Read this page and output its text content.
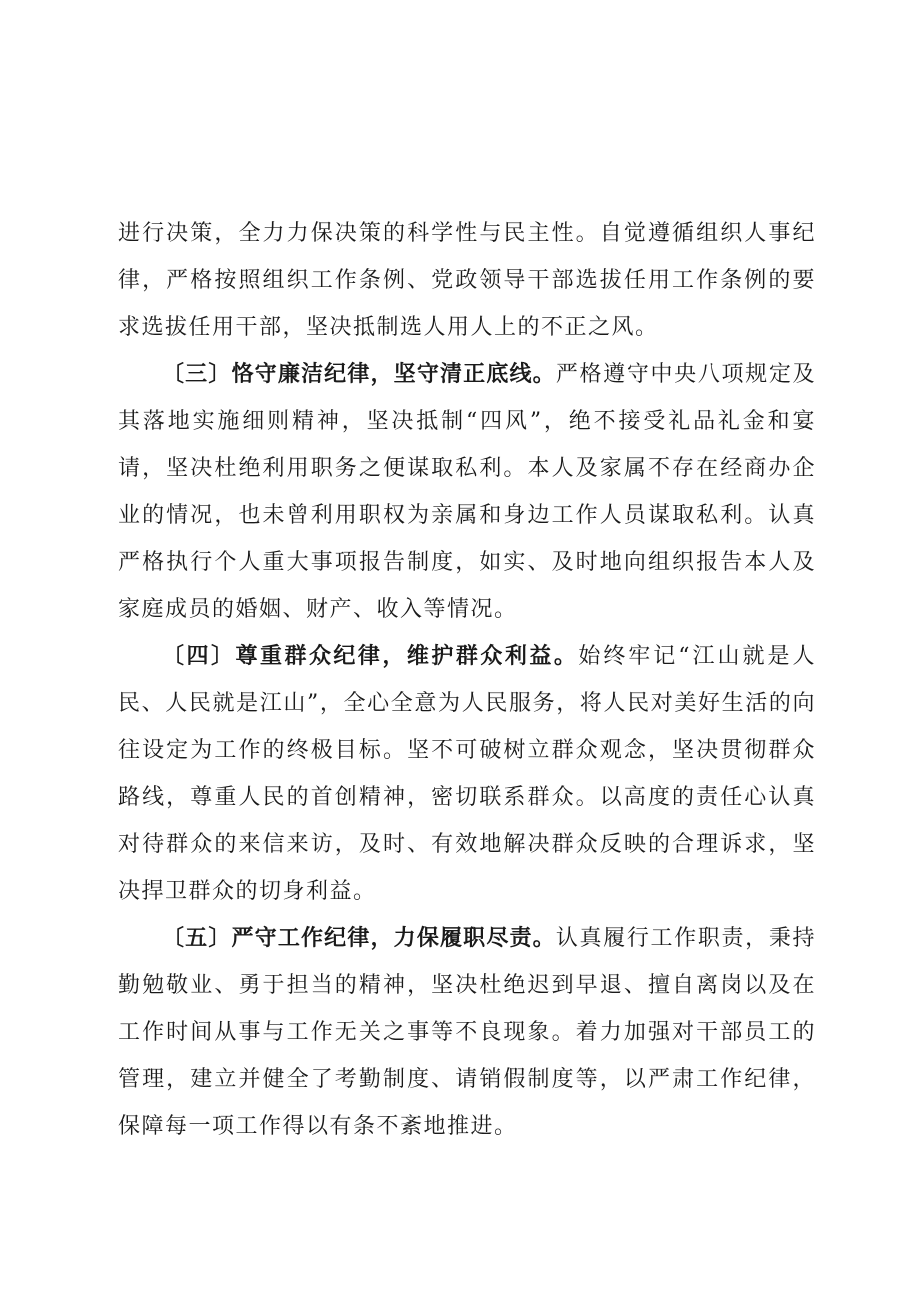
进行决策，全力力保决策的科学性与民主性。自觉遵循组织人事纪律，严格按照组织工作条例、党政领导干部选拔任用工作条例的要求选拔任用干部，坚决抵制选人用人上的不正之风。

〔三〕恪守廉洁纪律，坚守清正底线。严格遵守中央八项规定及其落地实施细则精神，坚决抵制“四风”，绝不接受礼品礼金和宴请，坚决杜绝利用职务之便谋取私利。本人及家属不存在经商办企业的情况，也未曾利用职权为亲属和身边工作人员谋取私利。认真严格执行个人重大事项报告制度，如实、及时地向组织报告本人及家庭成员的婚姻、财产、收入等情况。

〔四〕尊重群众纪律，维护群众利益。始终牢记“江山就是人民、人民就是江山”，全心全意为人民服务，将人民对美好生活的向往设定为工作的终极目标。坚不可破树立群众观念，坚决贯彻群众路线，尊重人民的首创精神，密切联系群众。以高度的责任心认真对待群众的来信来访，及时、有效地解决群众反映的合理诉求，坚决捍卫群众的切身利益。

〔五〕严守工作纪律，力保履职尽责。认真履行工作职责，秉持勤勉敬业、勇于担当的精神，坚决杜绝迟到早退、擅自离岗以及在工作时间从事与工作无关之事等不良现象。着力加强对干部员工的管理，建立并健全了考勤制度、请销假制度等，以严肃工作纪律，保障每一项工作得以有条不紊地推进。
